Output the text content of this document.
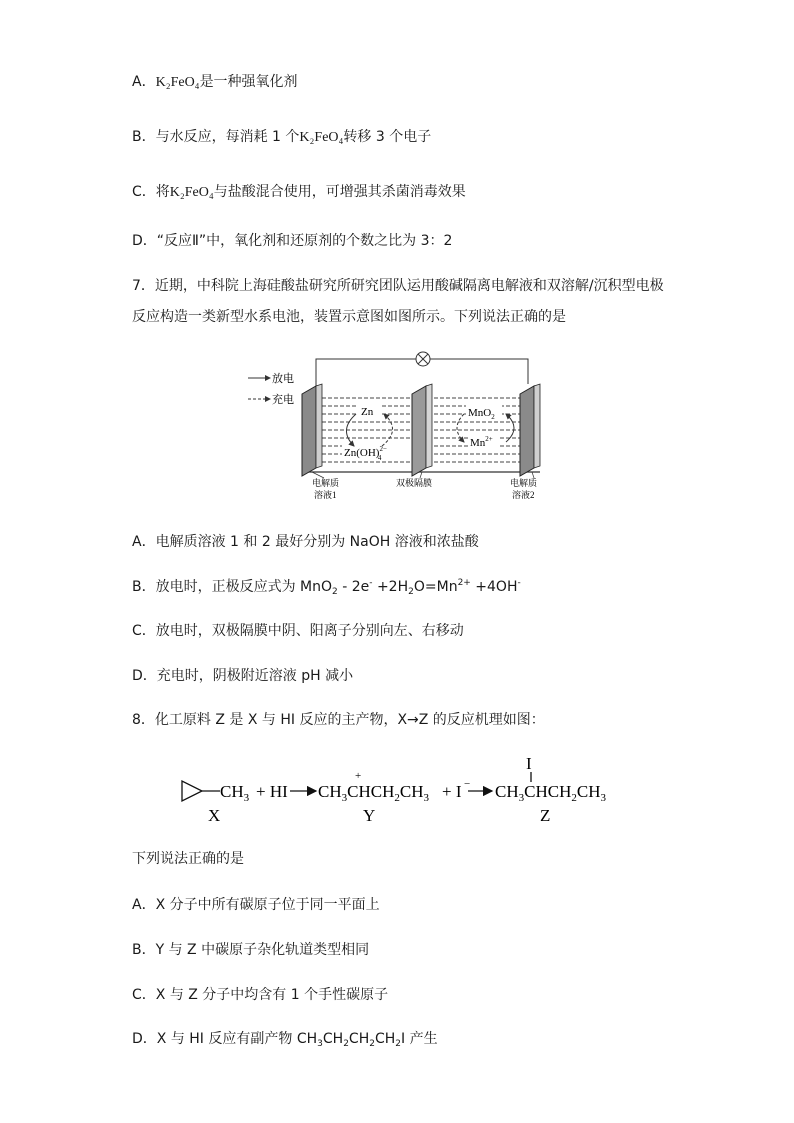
A．K₂FeO₄是一种强氧化剂
B．与水反应，每消耗 1 个K₂FeO₄转移 3 个电子
C．将K₂FeO₄与盐酸混合使用，可增强其杀菌消毒效果
D．“反应Ⅱ”中，氧化剂和还原剂的个数之比为 3：2
7．近期，中科院上海硅酸盐研究所研究团队运用酸碱隔离电解液和双溶解/沉积型电极
反应构造一类新型水系电池，装置示意图如图所示。下列说法正确的是
放电
充电
Zn
Zn(OH)$^{2-}$ 4
MnO$_2$
$Mn^{2+}$
电解质
溶液1
双极隔膜	电解质
溶液2
A．电解质溶液 1 和 2 最好分别为 NaOH 溶液和浓盐酸
B．放电时，正极反应式为 $MnO_2 - 2e^- +2H_2O=Mn^{2+} +4OH^-$
C．放电时，双极隔膜中阴、阳离子分别向左、右移动
D．充电时，阴极附近溶液 pH 减小
8．化工原料 Z 是 X 与 HI 反应的主产物，X→Z 的反应机理如图：
$CH_3$ + HI $CH_3CHCH_2CH_3$
+
+ $I - CH_3CHCH_2CH_3$
I
X	Y	Z
下列说法正确的是
A．X 分子中所有碳原子位于同一平面上
B．Y 与 Z 中碳原子杂化轨道类型相同
C．X 与 Z 分子中均含有 1 个手性碳原子
D．X 与 HI 反应有副产物 $CH_3CH_2CH_2CH_2I$ 产生
